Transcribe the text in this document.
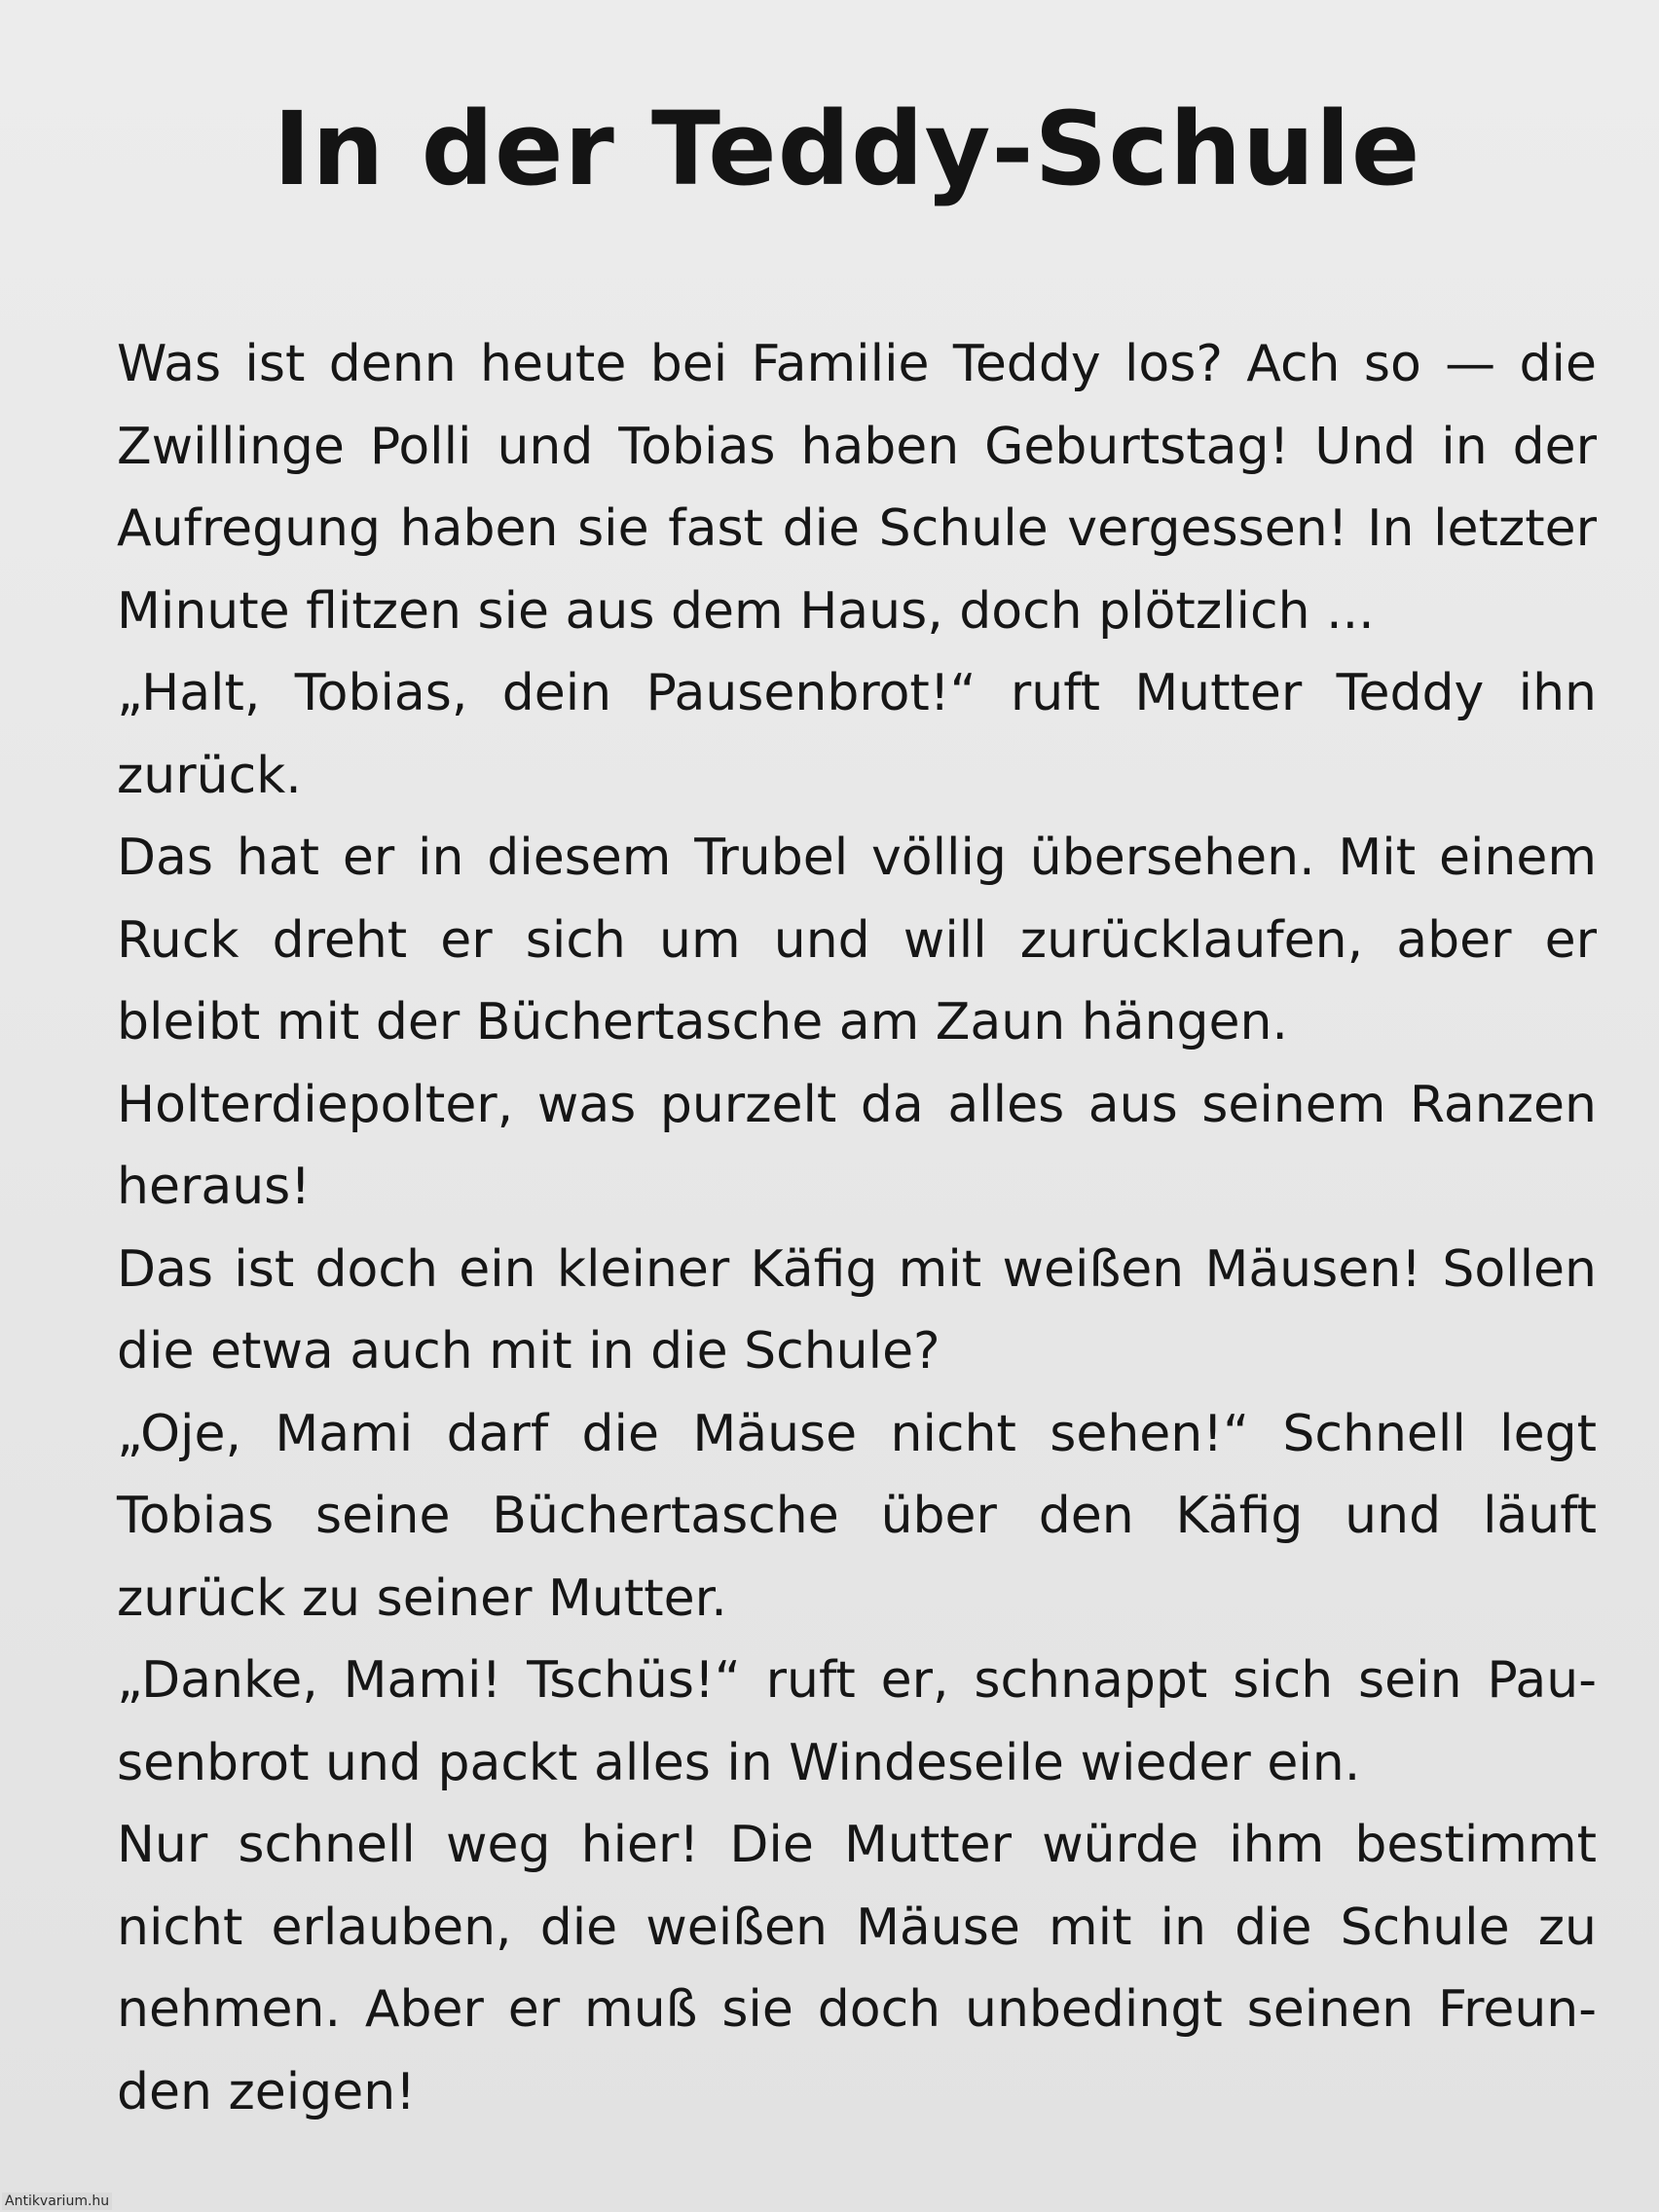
In der Teddy-Schule
Was ist denn heute bei Familie Teddy los? Ach so — die
Zwillinge Polli und Tobias haben Geburtstag! Und in der
Aufregung haben sie fast die Schule vergessen! In letzter
Minute flitzen sie aus dem Haus, doch plötzlich ...
„Halt, Tobias, dein Pausenbrot!“ ruft Mutter Teddy ihn
zurück.
Das hat er in diesem Trubel völlig übersehen. Mit einem
Ruck dreht er sich um und will zurücklaufen, aber er
bleibt mit der Büchertasche am Zaun hängen.
Holterdiepolter, was purzelt da alles aus seinem Ranzen
heraus!
Das ist doch ein kleiner Käfig mit weißen Mäusen! Sollen
die etwa auch mit in die Schule?
„Oje, Mami darf die Mäuse nicht sehen!“ Schnell legt
Tobias seine Büchertasche über den Käfig und läuft
zurück zu seiner Mutter.
„Danke, Mami! Tschüs!“ ruft er, schnappt sich sein Pau-
senbrot und packt alles in Windeseile wieder ein.
Nur schnell weg hier! Die Mutter würde ihm bestimmt
nicht erlauben, die weißen Mäuse mit in die Schule zu
nehmen. Aber er muß sie doch unbedingt seinen Freun-
den zeigen!
Antikvarium.hu
